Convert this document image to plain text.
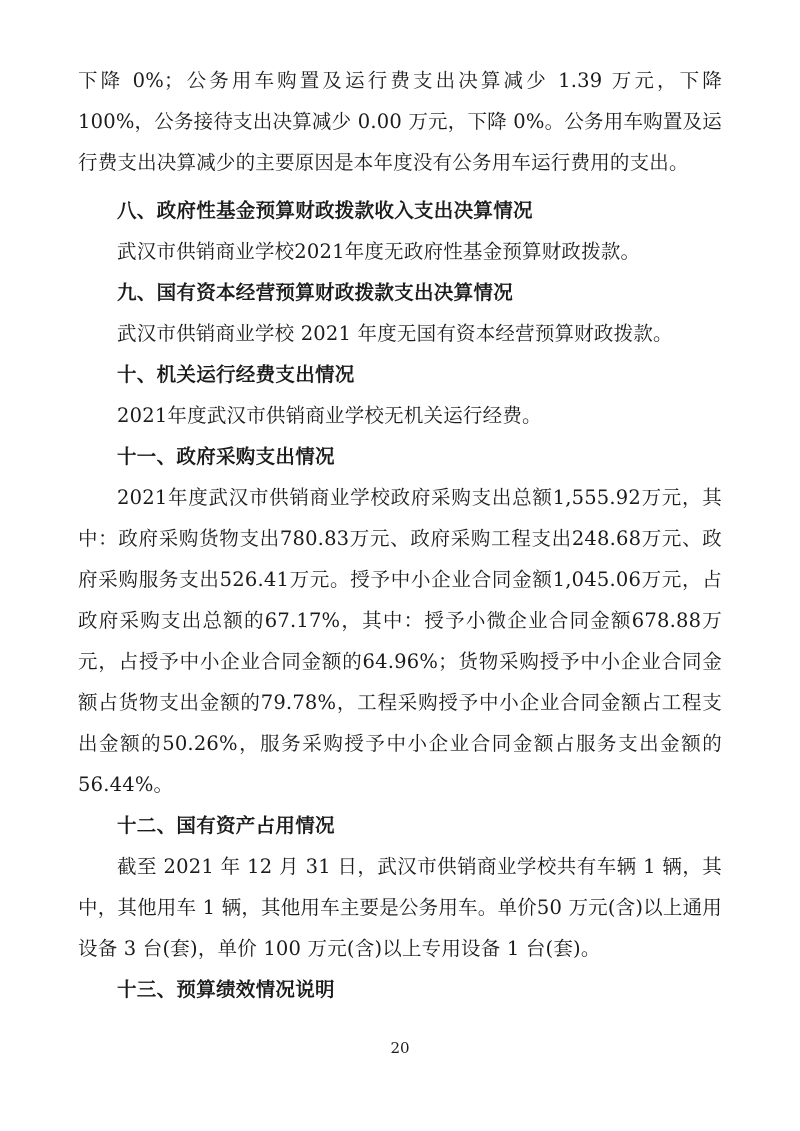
下降 0%；公务用车购置及运行费支出决算减少 1.39 万元，下降 100%，公务接待支出决算减少 0.00 万元，下降 0%。公务用车购置及运行费支出决算减少的主要原因是本年度没有公务用车运行费用的支出。

八、政府性基金预算财政拨款收入支出决算情况

武汉市供销商业学校2021年度无政府性基金预算财政拨款。

九、国有资本经营预算财政拨款支出决算情况

武汉市供销商业学校 2021 年度无国有资本经营预算财政拨款。

十、机关运行经费支出情况

2021年度武汉市供销商业学校无机关运行经费。

十一、政府采购支出情况

2021年度武汉市供销商业学校政府采购支出总额1,555.92万元，其中：政府采购货物支出780.83万元、政府采购工程支出248.68万元、政府采购服务支出526.41万元。授予中小企业合同金额1,045.06万元，占政府采购支出总额的67.17%，其中：授予小微企业合同金额678.88万元，占授予中小企业合同金额的64.96%；货物采购授予中小企业合同金额占货物支出金额的79.78%，工程采购授予中小企业合同金额占工程支出金额的50.26%，服务采购授予中小企业合同金额占服务支出金额的56.44%。

十二、国有资产占用情况

截至 2021 年 12 月 31 日，武汉市供销商业学校共有车辆 1 辆，其中，其他用车 1 辆，其他用车主要是公务用车。单价50 万元(含)以上通用设备 3 台(套)，单价 100 万元(含)以上专用设备 1 台(套)。

十三、预算绩效情况说明
20
